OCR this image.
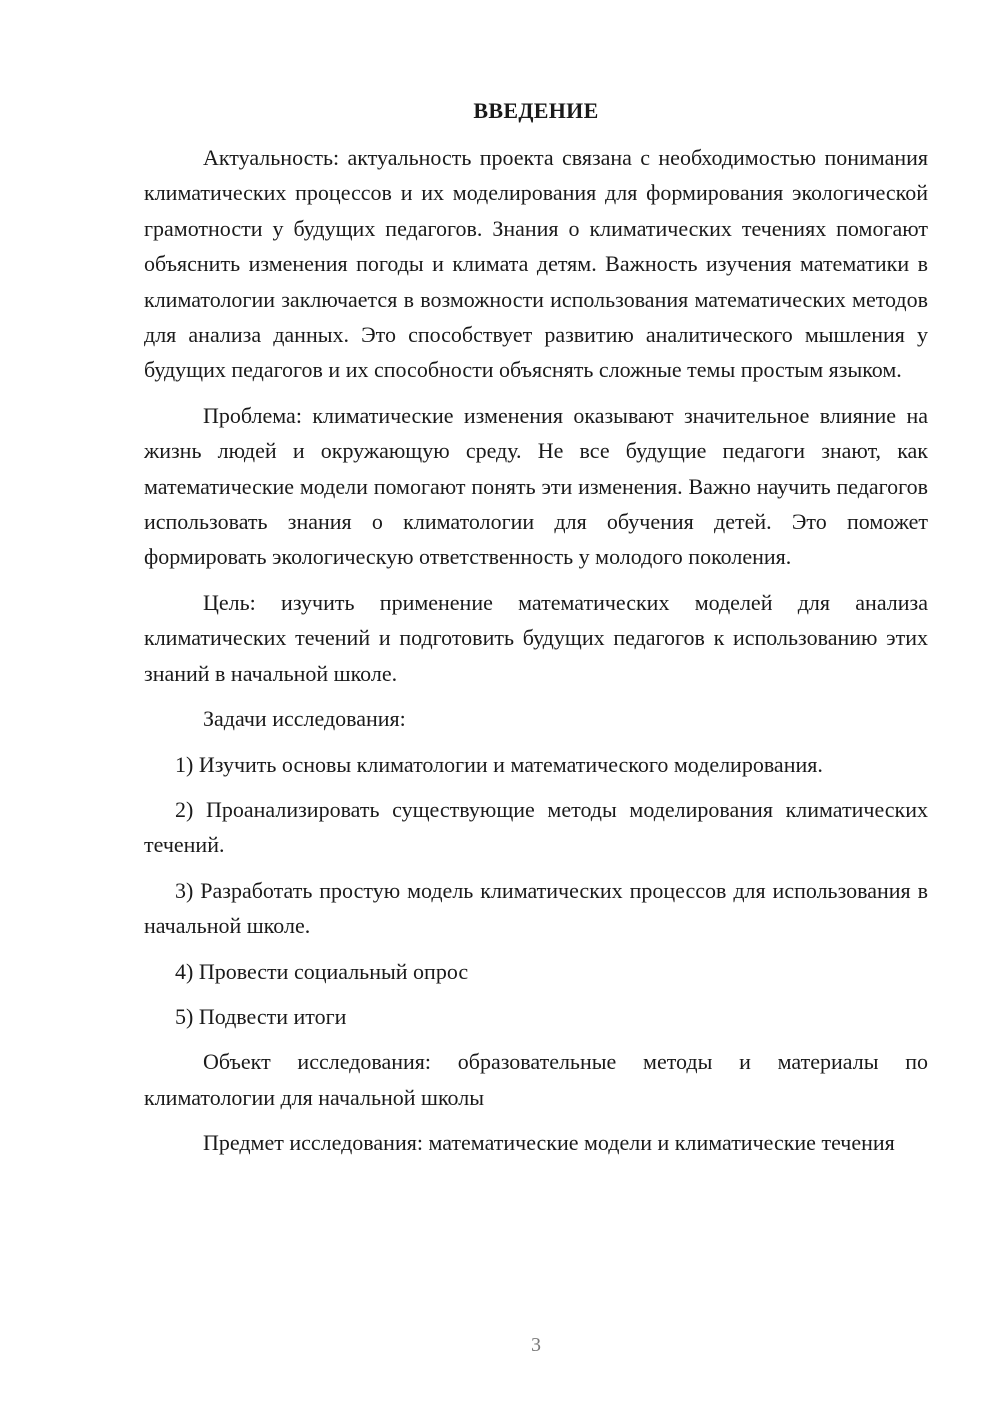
ВВЕДЕНИЕ

Актуальность: актуальность проекта связана с необходимостью понимания климатических процессов и их моделирования для формирования экологической грамотности у будущих педагогов. Знания о климатических течениях помогают объяснить изменения погоды и климата детям. Важность изучения математики в климатологии заключается в возможности использования математических методов для анализа данных. Это способствует развитию аналитического мышления у будущих педагогов и их способности объяснять сложные темы простым языком.

Проблема: климатические изменения оказывают значительное влияние на жизнь людей и окружающую среду. Не все будущие педагоги знают, как математические модели помогают понять эти изменения. Важно научить педагогов использовать знания о климатологии для обучения детей. Это поможет формировать экологическую ответственность у молодого поколения.

Цель: изучить применение математических моделей для анализа климатических течений и подготовить будущих педагогов к использованию этих знаний в начальной школе.

Задачи исследования:

1) Изучить основы климатологии и математического моделирования.

2) Проанализировать существующие методы моделирования климатических течений.

3) Разработать простую модель климатических процессов для использования в начальной школе.

4) Провести социальный опрос

5) Подвести итоги

Объект исследования: образовательные методы и материалы по климатологии для начальной школы

Предмет исследования: математические модели и климатические течения

3
